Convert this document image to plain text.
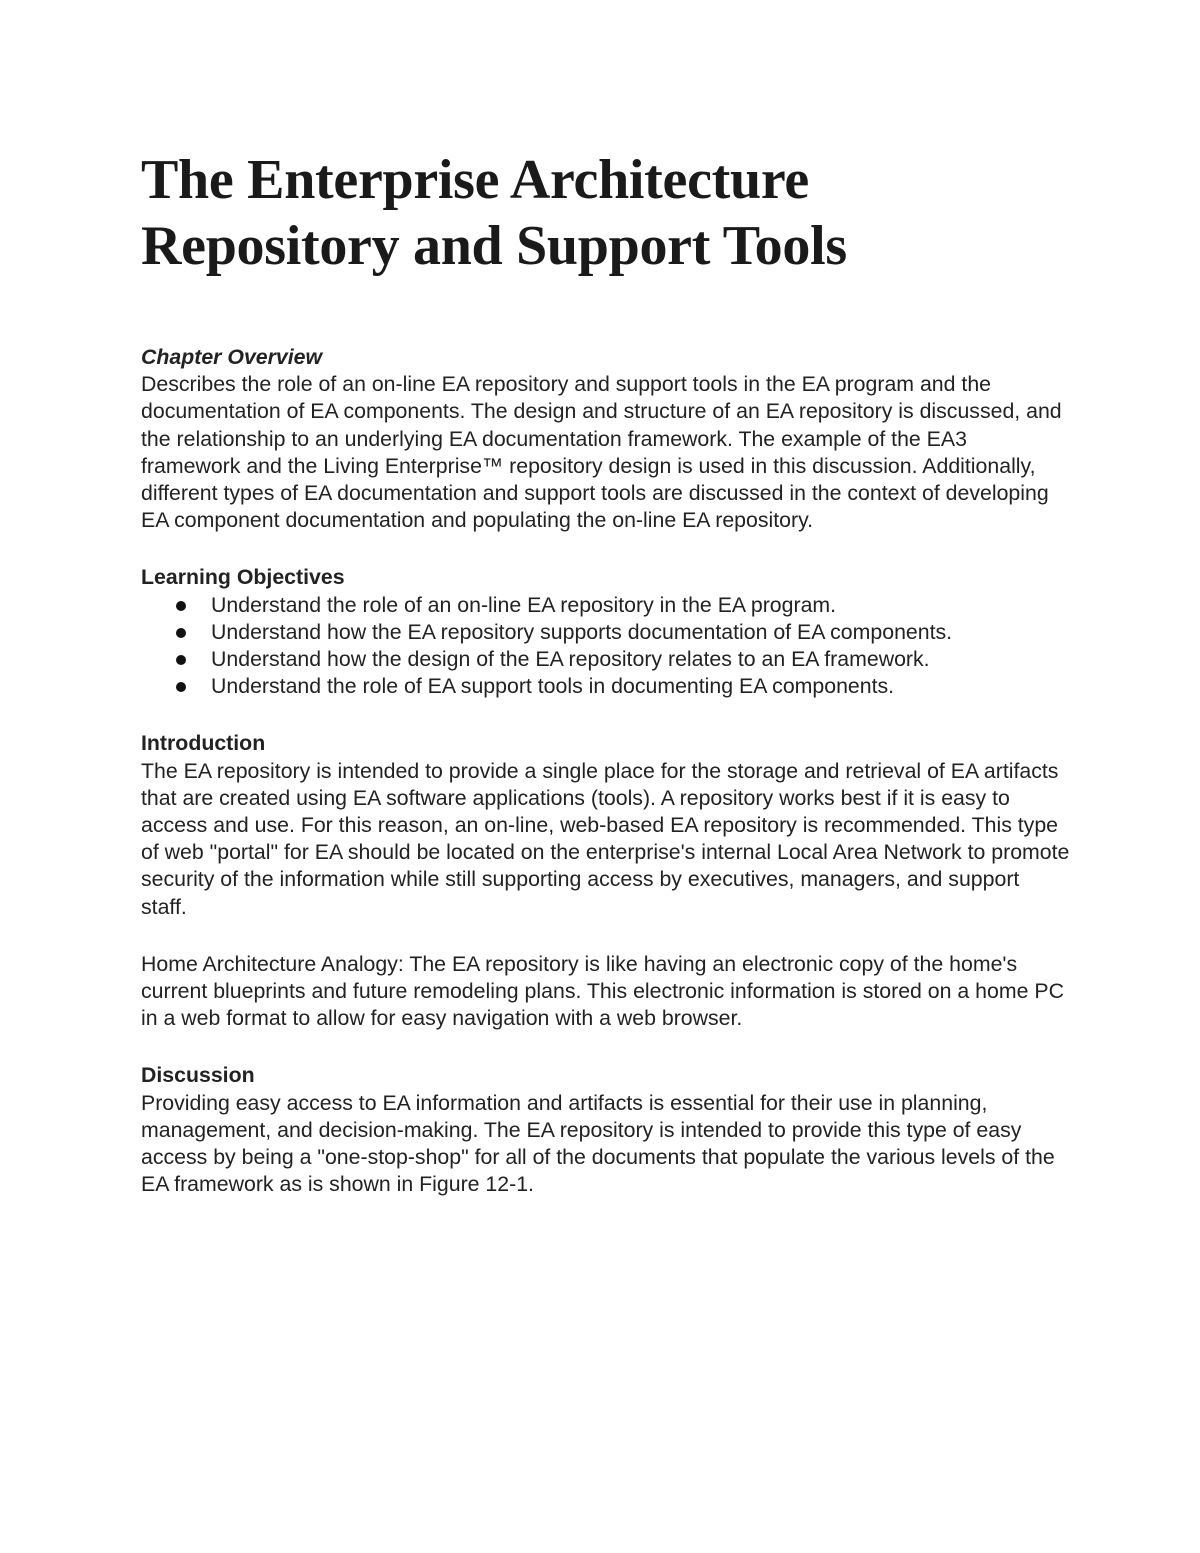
The Enterprise Architecture
Repository and Support Tools

Chapter Overview

Describes the role of an on-line EA repository and support tools in the EA program and the documentation of EA components. The design and structure of an EA repository is discussed, and the relationship to an underlying EA documentation framework. The example of the EA3 framework and the Living Enterprise™ repository design is used in this discussion. Additionally, different types of EA documentation and support tools are discussed in the context of developing EA component documentation and populating the on-line EA repository.

Learning Objectives

Understand the role of an on-line EA repository in the EA program.
Understand how the EA repository supports documentation of EA components.
Understand how the design of the EA repository relates to an EA framework.
Understand the role of EA support tools in documenting EA components.

Introduction

The EA repository is intended to provide a single place for the storage and retrieval of EA artifacts that are created using EA software applications (tools). A repository works best if it is easy to access and use. For this reason, an on-line, web-based EA repository is recommended. This type of web "portal" for EA should be located on the enterprise's internal Local Area Network to promote security of the information while still supporting access by executives, managers, and support staff.

Home Architecture Analogy: The EA repository is like having an electronic copy of the home's current blueprints and future remodeling plans. This electronic information is stored on a home PC in a web format to allow for easy navigation with a web browser.

Discussion

Providing easy access to EA information and artifacts is essential for their use in planning, management, and decision-making. The EA repository is intended to provide this type of easy access by being a "one-stop-shop" for all of the documents that populate the various levels of the EA framework as is shown in Figure 12-1.
